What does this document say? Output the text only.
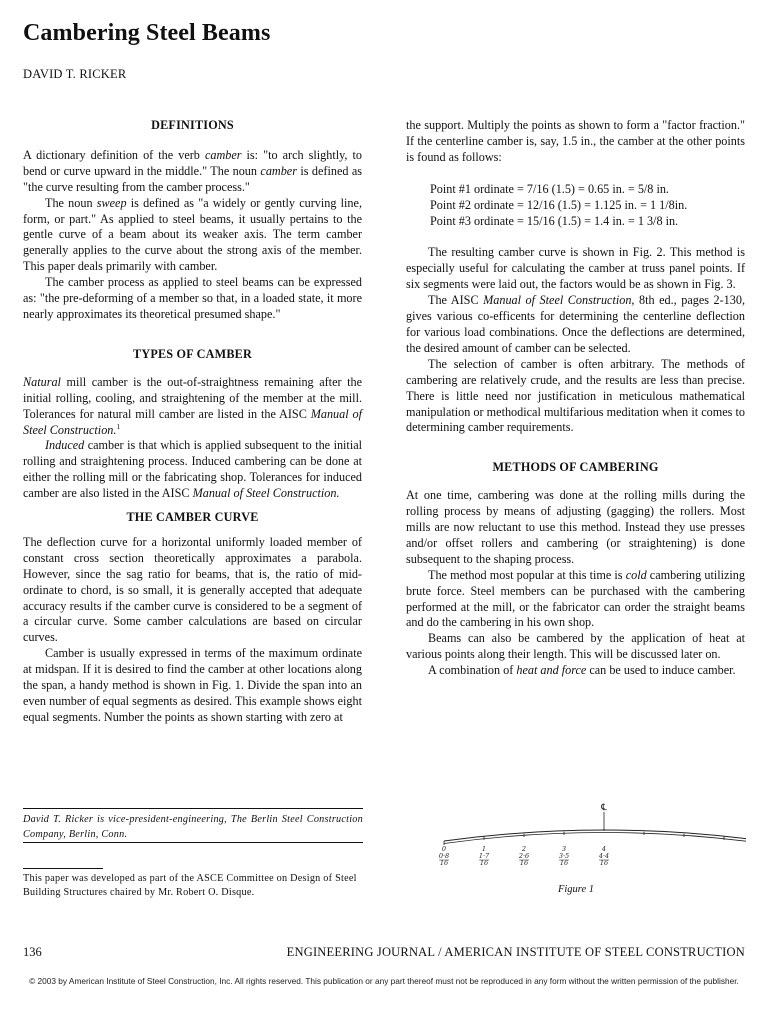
Cambering Steel Beams
DAVID T. RICKER
DEFINITIONS

A dictionary definition of the verb camber is: "to arch slightly, to bend or curve upward in the middle." The noun camber is defined as "the curve resulting from the camber process."

The noun sweep is defined as "a widely or gently curving line, form, or part." As applied to steel beams, it usually pertains to the gentle curve of a beam about its weaker axis. The term camber generally applies to the curve about the strong axis of the member. This paper deals primarily with camber.

The camber process as applied to steel beams can be expressed as: "the pre-deforming of a member so that, in a loaded state, it more nearly approximates its theoretical presumed shape."

TYPES OF CAMBER

Natural mill camber is the out-of-straightness remaining after the initial rolling, cooling, and straightening of the member at the mill. Tolerances for natural mill camber are listed in the AISC Manual of Steel Construction.$^1$

Induced camber is that which is applied subsequent to the initial rolling and straightening process. Induced cambering can be done at either the rolling mill or the fabricating shop. Tolerances for induced camber are also listed in the AISC Manual of Steel Construction.

THE CAMBER CURVE

The deflection curve for a horizontal uniformly loaded member of constant cross section theoretically approximates a parabola. However, since the sag ratio for beams, that is, the ratio of mid-ordinate to chord, is so small, it is generally accepted that adequate accuracy results if the camber curve is considered to be a segment of a circular curve. Some camber calculations are based on circular curves.

Camber is usually expressed in terms of the maximum ordinate at midspan. If it is desired to find the camber at other locations along the span, a handy method is shown in Fig. 1. Divide the span into an even number of equal segments as desired. This example shows eight equal segments. Number the points as shown starting with zero at

the support. Multiply the points as shown to form a "factor fraction." If the centerline camber is, say, 1.5 in., the camber at the other points is found as follows:

Point #1 ordinate = 7/16 (1.5) = 0.65 in. = 5/8 in.

Point #2 ordinate = 12/16 (1.5) = 1.125 in. = 1 1/8in.

Point #3 ordinate = 15/16 (1.5) = 1.4 in. = 1 3/8 in.

The resulting camber curve is shown in Fig. 2. This method is especially useful for calculating the camber at truss panel points. If six segments were laid out, the factors would be as shown in Fig. 3.

The AISC Manual of Steel Construction, 8th ed., pages 2-130, gives various co-efficents for determining the centerline deflection for various load combinations. Once the deflections are determined, the desired amount of camber can be selected.

The selection of camber is often arbitrary. The methods of cambering are relatively crude, and the results are less than precise. There is little need nor justification in meticulous mathematical manipulation or methodical multifarious meditation when it comes to determining camber requirements.

METHODS OF CAMBERING

At one time, cambering was done at the rolling mills during the rolling process by means of adjusting (gagging) the rollers. Most mills are now reluctant to use this method. Instead they use presses and/or offset rollers and cambering (or straightening) is done subsequent to the shaping process.

The method most popular at this time is cold cambering utilizing brute force. Steel members can be purchased with the cambering performed at the mill, or the fabricator can order the straight beams and do the cambering in his own shop.

Beams can also be cambered by the application of heat at various points along their length. This will be discussed later on.

A combination of heat and force can be used to induce camber.

David T. Ricker is vice-president-engineering, The Berlin Steel Construction Company, Berlin, Conn.
This paper was developed as part of the ASCE Committee on Design of Steel Building Structures chaired by Mr. Robert O. Disque.
℄
0
0·8
16
1
1·7
16
2
2·6
16
3
3·5
16
4
4·4
16
Figure 1
136	ENGINEERING JOURNAL / AMERICAN INSTITUTE OF STEEL CONSTRUCTION
© 2003 by American Institute of Steel Construction, Inc. All rights reserved. This publication or any part thereof must not be reproduced in any form without the written permission of the publisher.
